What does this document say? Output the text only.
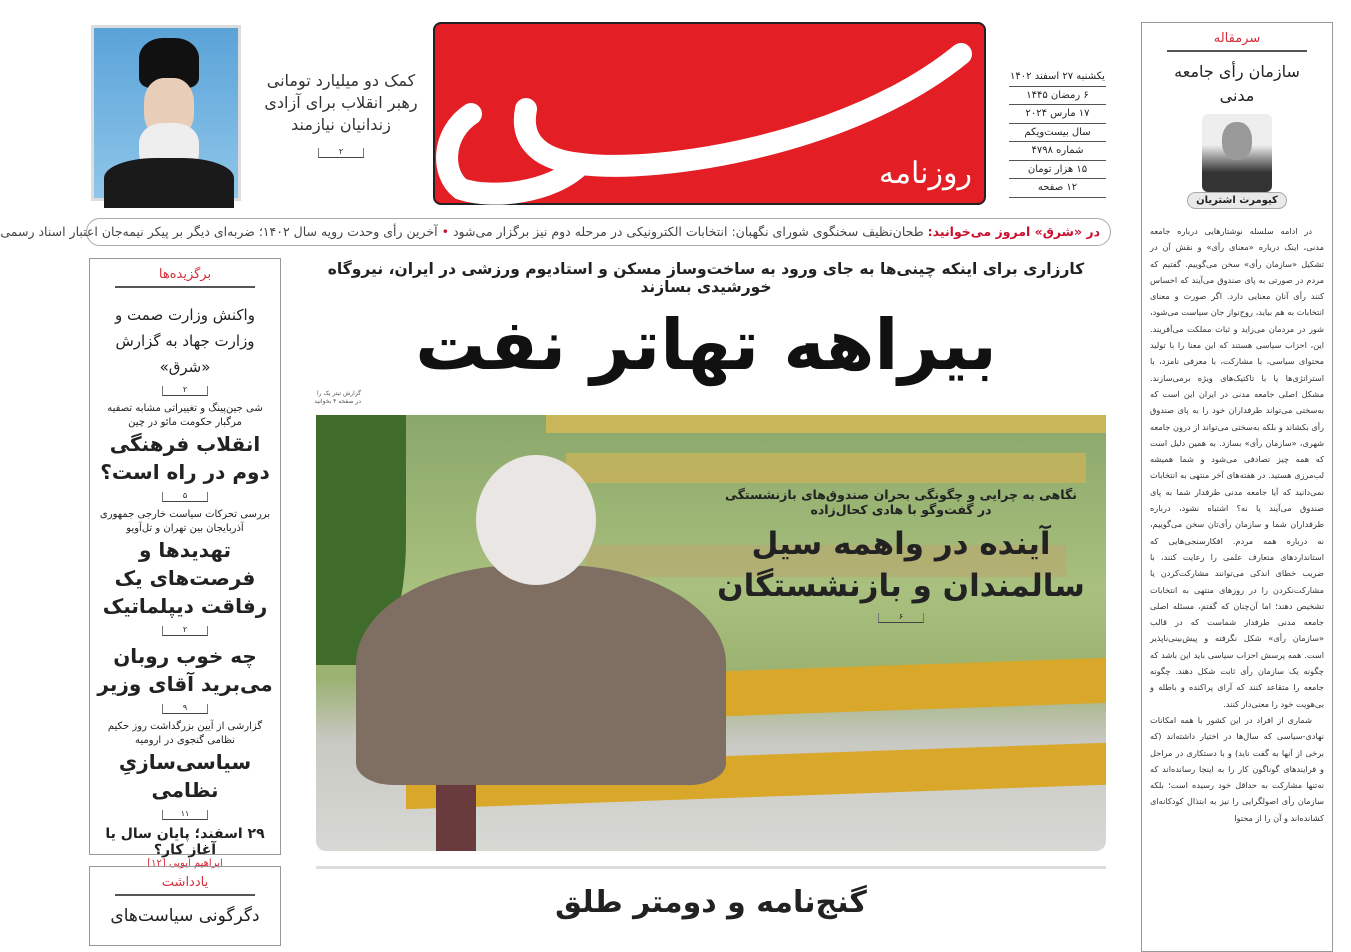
کمک دو میلیارد تومانی رهبر انقلاب برای آزادی زندانیان نیازمند
۲
روزنامه
یکشنبه ۲۷ اسفند ۱۴۰۲
۶ رمضان ۱۴۴۵
۱۷ مارس ۲۰۲۴
سال بیست‌ویکم
شماره ۴۷۹۸
۱۵ هزار تومان
۱۲ صفحه
در «شرق» امروز می‌خوانید: طحان‌نظیف سخنگوی شورای نگهبان: انتخابات الکترونیکی در مرحله دوم نیز برگزار می‌شود • آخرین رأی وحدت رویه سال ۱۴۰۲؛ ضربه‌ای دیگر بر پیکر نیمه‌جان اعتبار اسناد رسمی
کارزاری برای اینکه چینی‌ها به جای ورود به ساخت‌وساز مسکن و استادیوم ورزشی در ایران، نیروگاه خورشیدی بسازند
بیراهه تهاتر نفت
گزارش تیتر یک را در صفحه ۴ بخوانید
نگاهی به چرایی و چگونگی بحران صندوق‌های بازنشستگی
در گفت‌وگو با هادی کحال‌زاده
آینده در واهمه سیل
سالمندان و بازنشستگان
۶
گنج‌نامه و دومتر طلق
برگزیده‌ها
واکنش وزارت صمت و وزارت جهاد به گزارش «شرق»
۲
شی جین‌پینگ و تغییراتی مشابه تصفیه مرگبار حکومت مائو در چین
انقلاب فرهنگی دوم در راه است؟
۵
بررسی تحرکات سیاست خارجی جمهوری آذربایجان بین تهران و تل‌آویو
تهدیدها و فرصت‌های یک رفاقت دیپلماتیک
۲
چه خوب روبان می‌برید آقای وزیر
۹
گزارشی از آیین بزرگداشت روز حکیم نظامی گنجوی در ارومیه
سیاسی‌سازیِ نظامی
۱۱
۲۹ اسفند؛ پایان سال یا آغاز کار؟
ابراهیم ایوبی [۱۲]
یادداشت
دگرگونی سیاست‌های
سرمقاله
سازمان رأی جامعه مدنی
کیومرث اشتریان
در ادامه سلسله نوشتارهایی درباره جامعه مدنی، اینک درباره «معنای رأی» و نقش آن در تشکیل «سازمان رأی» سخن می‌گوییم. گفتیم که مردم در صورتی به پای صندوق می‌آیند که احساس کنند رأی آنان معنایی دارد. اگر صورت و معنای انتخابات به هم بیاید، روح‌نواز جان سیاست می‌شود، شور در مردمان می‌زاید و ثبات مملکت می‌آفریند. این، احزاب سیاسی هستند که این معنا را با تولید محتوای سیاسی، با مشارکت، با معرفی نامزد، با استراتژی‌ها یا با تاکتیک‌های ویژه برمی‌سازند. مشکل اصلی جامعه مدنی در ایران این است که به‌سختی می‌تواند طرفداران خود را به پای صندوق رأی بکشاند و بلکه به‌سختی می‌تواند از درون جامعه شهری، «سازمان رأی» بسازد. به همین دلیل است که همه چیز تصادفی می‌شود و شما همیشه لب‌مرزی هستید. در هفته‌های آخر منتهی به انتخابات نمی‌دانید که آیا جامعه مدنی طرفدار شما به پای صندوق می‌آیند یا نه؟ اشتباه نشود، درباره طرفداران شما و سازمان رأی‌تان سخن می‌گوییم، نه درباره همه مردم. افکارسنجی‌هایی که استانداردهای متعارف علمی را رعایت کنند، با ضریب خطای اندکی می‌توانند مشارکت‌کردن یا مشارکت‌نکردن را در روزهای منتهی به انتخابات تشخیص دهند؛ اما آن‌چنان که گفتم، مسئله اصلی جامعه مدنی طرفدار شماست که در قالب «سازمان رأی» شکل نگرفته و پیش‌بینی‌ناپذیر است. همه پرسش احزاب سیاسی باید این باشد که چگونه یک سازمان رأی ثابت شکل دهند. چگونه جامعه را متقاعد کنند که آرای پراکنده و باطله و بی‌هویت خود را معنی‌دار کنند.
شماری از افراد در این کشور با همه امکانات نهادی-سیاسی که سال‌ها در اختیار داشته‌اند (که برخی از آنها به گفت ناید) و با دستکاری در مراحل و فرایندهای گوناگون کار را به اینجا رسانده‌اند که نه‌تنها مشارکت به حداقل خود رسیده است؛ بلکه سازمان رأی اصولگرایی را نیز به ابتذال کودکانه‌ای کشانده‌اند و آن را از محتوا
